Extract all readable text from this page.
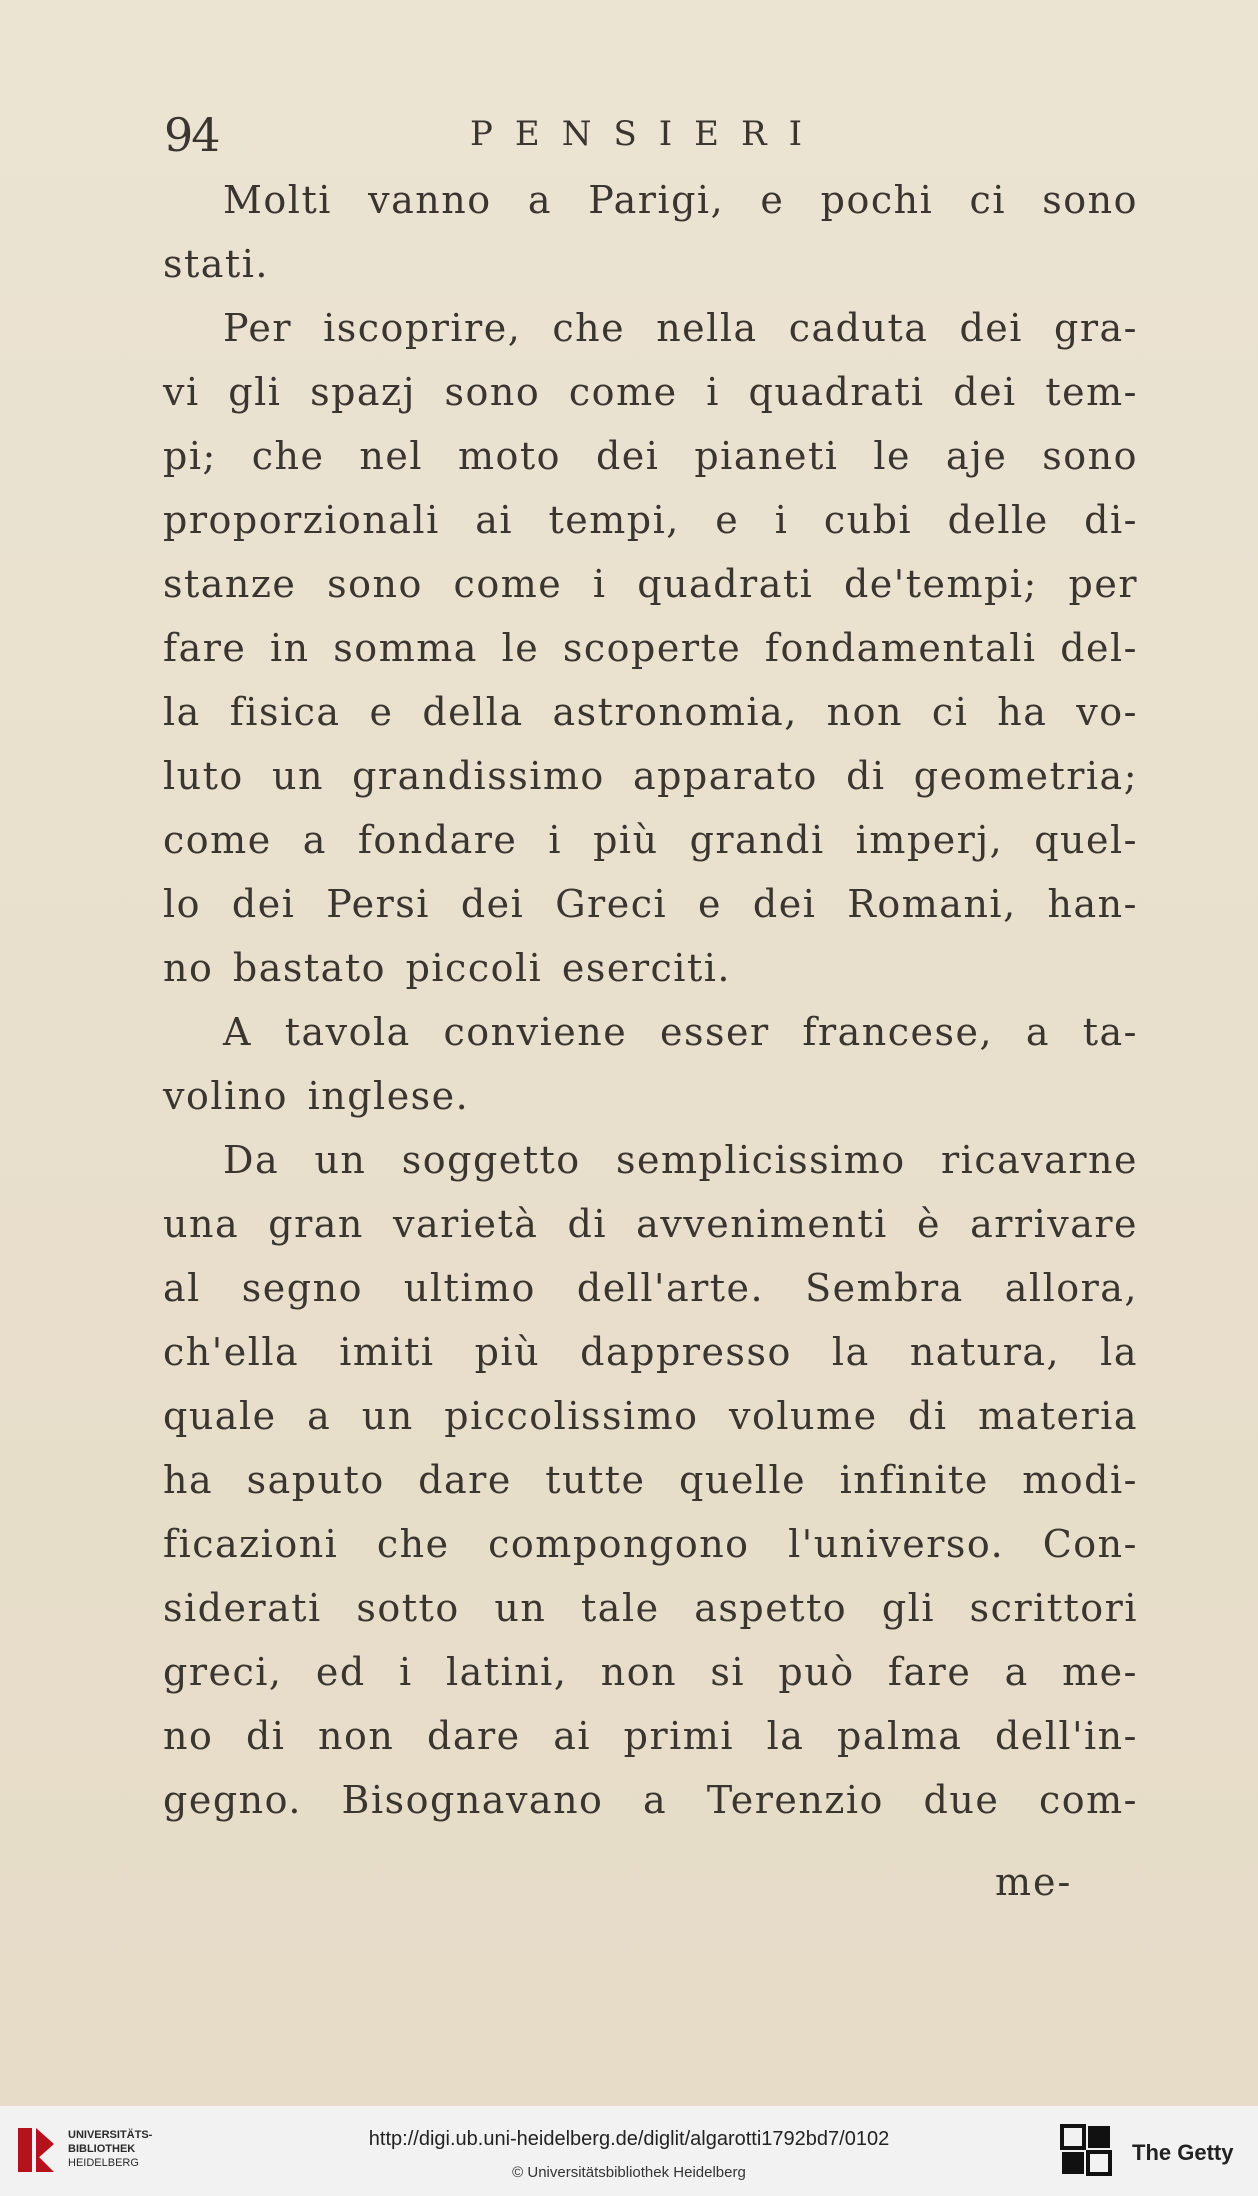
94	PENSIERI
Molti vanno a Parigi, e pochi ci sono
stati.
Per iscoprire, che nella caduta dei gra-
vi gli spazj sono come i quadrati dei tem-
pi; che nel moto dei pianeti le aje sono
proporzionali ai tempi, e i cubi delle di-
stanze sono come i quadrati de'tempi; per
fare in somma le scoperte fondamentali del-
la fisica e della astronomia, non ci ha vo-
luto un grandissimo apparato di geometria;
come a fondare i più grandi imperj, quel-
lo dei Persi dei Greci e dei Romani, han-
no bastato piccoli eserciti.
A tavola conviene esser francese, a ta-
volino inglese.
Da un soggetto semplicissimo ricavarne
una gran varietà di avvenimenti è arrivare
al segno ultimo dell'arte. Sembra allora,
ch'ella imiti più dappresso la natura, la
quale a un piccolissimo volume di materia
ha saputo dare tutte quelle infinite modi-
ficazioni che compongono l'universo. Con-
siderati sotto un tale aspetto gli scrittori
greci, ed i latini, non si può fare a me-
no di non dare ai primi la palma dell'in-
gegno. Bisognavano a Terenzio due com-
me-
UNIVERSITÄTS-
BIBLIOTHEK
HEIDELBERG
http://digi.ub.uni-heidelberg.de/diglit/algarotti1792bd7/0102
© Universitätsbibliothek Heidelberg
The Getty
